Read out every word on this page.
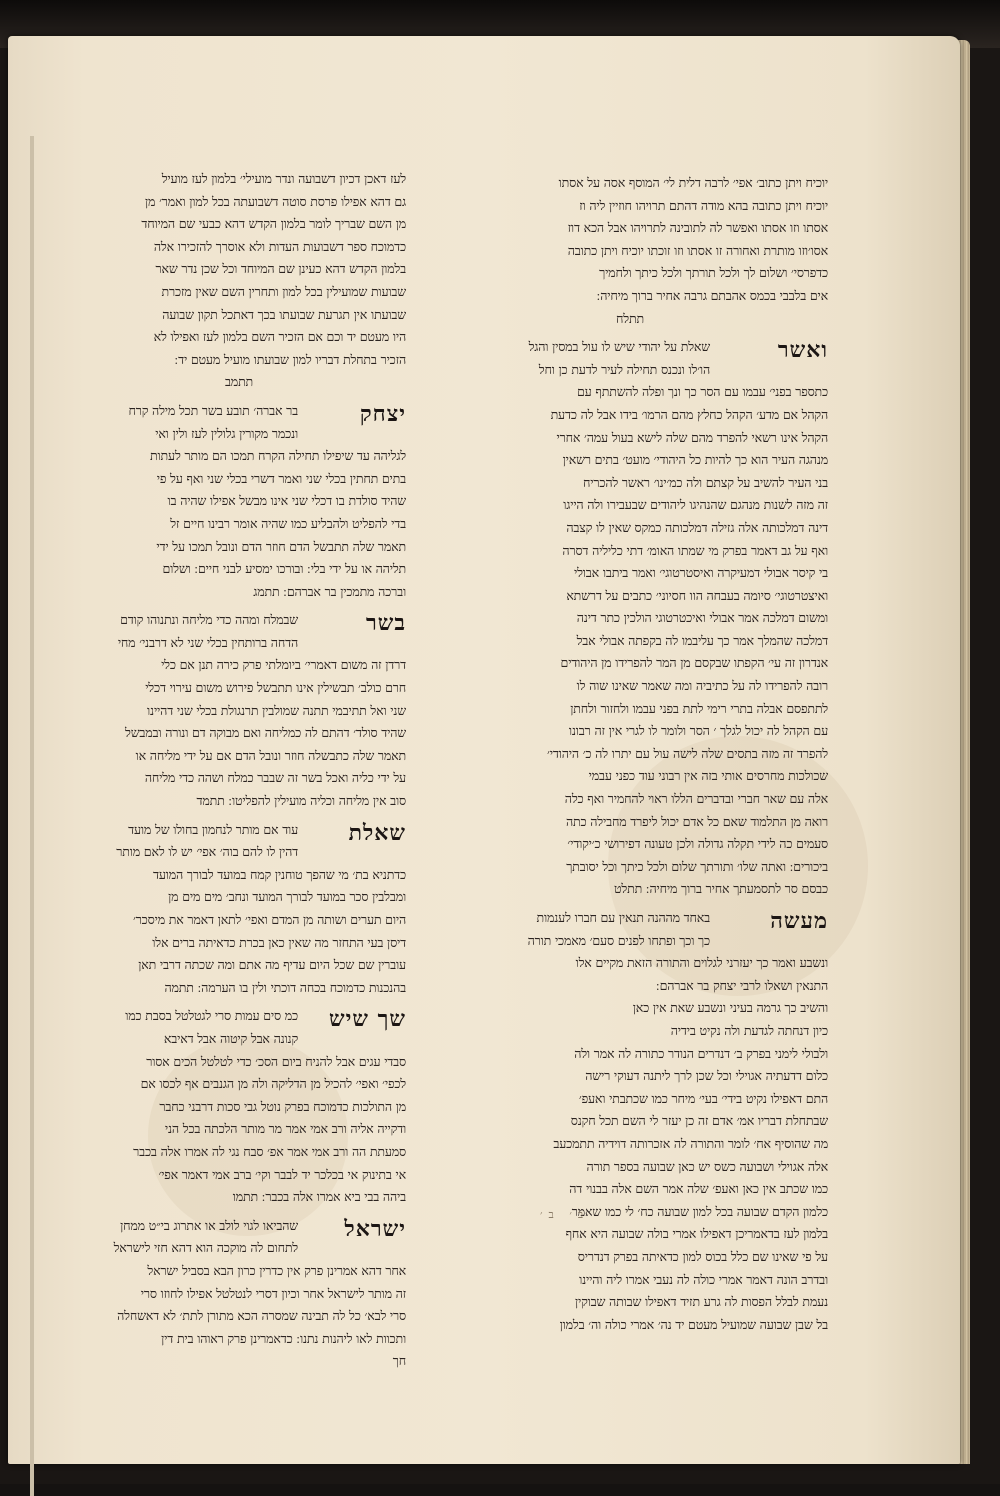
יוכיח ויתן כתוב׳ אפי׳ לרבה דלית לי׳ המוסף אסה על אסתו
יוכיח ויתן כתובה בהא מודה דהתם תרויהו חוזיין ליה וז
אסתו וזו אסתו ואפשר לה לתובינה לתרויהו אבל הכא דוז
אסו׳וזו מותרת ואחורה זו אסתו וזו זוכתו יוכיח ויתן כתובה
כדפרסי׳ ושלום לך ולכל תורתך ולכל כיתך ולחמיך
אים בלבבי בכמס אהבתם גרבה אחיר ברוך מיחיה ׃
תתלח
ואשר
שאלת על יהודי שיש לו עול במסין והגל
הו׳לו ונכנס תחילה לעיר לדעת כן וחל
כתספר בפני׳ עבמו עם הסר כך ונך ופלה להשתתף עם
הקהל אם מדע׳ הקהל כחלץ מהם הרמו׳ בידו אבל לה כדעת
הקהל אינו רשאי להפרד מהם שלה לישא בעול עמה׳ אחרי
מנהגה העיר הוא כך להיות כל היהודי׳ מועט׳ בתים רשאין
בני העיר להשיב על קצתם ולה כמ׳ינו׳ ראשר להכריח
זה מזה לשנות מנהגם שהנהיגו ליהודים שבעבירו ולה הייגו
דינה דמלכותה אלה גזילה דמלכותה כמקס שאין לו קצבה
ואף על גב דאמר בפרק מי שמתו האומ׳ דתי כליליה דסרה
בי קיסר אבולי דמעיקרה ואיסטרטוגי׳ ואמר ביתבו אבולי
ואיצטרטוגי׳ סיומה בעבחה הוו חסיוני׳ כתבים על דרשתא
ומשום דמלכה אמר אבולי ואיכטרטוגי הולכין כתר דינה
דמלכה שהמלך אמר כך עליבמו לה בקפתה אבולי אבל
אנדרון זה עי׳ הקפתו שבקסם מן המר להפרידו מן היהודים
רובה להפרידו לה על כתיביה ומה שאמר שאינו שוה לו
לתתפסם אבלה בתרי רימי לתת בפני עבמו ולחזור ולחתן
עם הקהל לה יכול לגלך ׳ הסר ולומר לו לגרי אין זה רבונו
להפרד זה מזה בתסים שלה לישה עול עם יתרו לה כ׳ היהודי׳
שכולכות מחרסים אותי בזה אין רבוני עוד כפני עבמי
אלה עם שאר חברי ובדברים הללו ראוי להחמיר ואף כלה
רואה מן התלמוד שאם כל אדם יכול ליפרד מחבילה כתה
סעמים כה לידי תקלה גדולה ולכן טעונה דפירושי כ׳יקודי׳
ביכורים ׃ ואתה שלו׳ ותורתך שלום ולכל כיתך וכל יסובתך
כבסם סר לתסמעתך אחיר ברוך מיחיה ׃ תתלט
מעשה
באחד מההנה תנאין עם חברו לענמות
כך וכך ופתחו לפנים סעם׳ מאמכי תורה
ונשבע ואמר כך יעזרני לגלוים והתורה הזאת מקיים אלו
התנאין ושאלו לרבי יצחק בר אברהם ׃
והשיב כך גרמה בעיני ונשבע שאת אין כאן
כיון דנחתה לגדעת ולה נקיט בידיה
ולבולי לימני בפרק ב׳ דנדרים הנודר כתורה לה אמר ולה
כלום דדעתיה אגוילי וכל שכן לרך ליתנה דעוקי רישה
התם דאפילו נקיט בידי׳ בעי׳ מיחר כמו שכתבתי ואעפ׳
שבתחלת דבריו אמ׳ אדם זה כן יעזר לי השם תכל חקנס
מה שהוסיף אח׳ לומר והתורה לה אזכרותה דוידיה תתמכעב
אלה אגוילי ושבועה כשס יש כאן שבועה בספר תורה
כמו שכתב אין כאן ואעפ׳ שלה אמר השם אלה בבנוי דה
כלמון הקדם שבועה בכל למון שבועה כח׳ לי כמו שאמר
בלמון לעז בדאמריכן דאפילו אמרי בולה שבועה היא אחף
על פי שאינו שם כלל בכוס למון כדאיתה בפרק דנדריס
ובדרב הונה דאמר אמרי כולה לה נעבי אמרו ליה והיינו
נעמת לבלל הפסות לה גרע תזיד דאפילו שבותה שבוקין
בל שבן שבועה שמועיל מעטם יד נה׳ אמרי כולה וה׳ בלמון
לעז דאכן דכיון דשבועה ונדר מועילי׳ בלמון לעז מועיל
גם דהא אפילו פרסת סוטה דשבועתה בכל למון ואמר׳ מן
מן השם שבריך לומר בלמון הקדש דהא כבעי שם המיוחד
כדמוכח ספר דשבועות העדות ולא אוסרך להזכירו אלה
בלמון הקדש דהא כעינן שם המיוחד וכל שכן נדר שאר
שבועות שמועילין בכל למון ותחרין השם שאין מזכרת
שבועתו אין תגרעת שבועתו בכך דאתכל תקון שבועה
היו מעטם יד וכם אם הזכיר השם בלמון לעז ואפילו לא
הזכיר בתחלת דבריו למון שבועתו מועיל מעטם יד ׃
תתמב
יצחק
בר אברה׳ תובע בשר תכל מילה קרח
ונכמר מקורין גלולין לעז ולין ואי
לגליהה עד שיפילו תחילה הקרח תמכו הם מותר לעתות
בתים תחתין בכלי שני ואמר דשרי בכלי שני ואף על פי
שהיד סולדת בו דכלי שני אינו מבשל אפילו שהיה בו
בדי להפליט ולהבליע כמו שהיה אומר רבינו חיים זל
תאמר שלה תתבשל הדם חוזר הדם ונובל תמכו על ידי
תליהה או על ידי בלי ׃ ובורכו ימסיע לבני חיים ׃ ושלום
וברכה מתמכין בר אברהם ׃ תתמג
בשר
שבמלח ומהה כדי מליחה ונתנוהו קודם
הדחה ברותחין בכלי שני לא דרבני׳ מחי
דרדן זה משום דאמרי׳ ביומלתי פרק כירה תנן אם כלי
חרם כולב׳ תבשילין אינו תתבשל פירוש משום עירוי דכלי
שני ואל תתיבמי תתנה שמולבין תרנגולת בכלי שני דהיינו
שהיד סולד׳ דהתם לה כמליחה ואם מבוקה דם ונורה ובמבשל
תאמר שלה כתבשלה חוזר ונובל הדם אם על ידי מליחה או
על ידי כליה ואכל בשר זה שבבר כמלח ושהה כדי מליחה
סוב אין מליחה וכליה מועילין להפליטו ׃ תתמד
שאלת
עוד אם מותר לנחמון בחולו של מועד
דהין לו להם בוה׳ אפי׳ יש לו לאם מותר
כדתניא בת׳ מי שהפך טוחנין קמח במועד לבורך המועד
ומבלבין סכר במועד לבורך המועד ונחב׳ מים מים מן
היום תערים ושותה מן המדם ואפי׳ לתאן דאמר את מיסכר׳
דיסן בעי התחזר מה שאין כאן בכרת כדאיתה ברים אלו
עוברין שם שכל היום עדיף מה אתם ומה שכתה דרבי תאן
בהנכנות כדמוכח בכחה דוכתי ולין בו הערמה ׃ תתמה
שך שיש
כמ סים עמות סרי לגטלטל בסבת כמו
קנונה אבל קיטוה אבל דאיבא
סבדי עגים אבל להניח ביום הסכ׳ כדי לטלטל הכים אסור
לכפי׳ ואפי׳ להכיל מן הדליקה ולה מן הגנבים אף לכסו אם
מן התולכות כדמוכח בפרק נוטל גבי סכות דרבני כחבר
ודקייה אליה ורב אמי אמר מר מותר הלכתה בכל הני
סמעתת הה ורב אמי אמר אפ׳ סבח נגי לה אמרו אלה בכבר
אי בתינוק אי בכלכר יד לבבר וקי׳ ברב אמי דאמר אפי׳
ביהה בבי ביא אמרו אלה בכבר ׃ תתמו
ישראל
שהביאו לגוי לולב או אתרוג בי״ט ממחן
לתחום לה מוקכה הוא דהא חזי לישראל
אחר דהא אמרינן פרק אין כדרין כרון הבא בסביל ישראל
זה מותר לישראל אחר וכיון דסרי לנטלטל אפילו לחוזו סרי
סרי לבא׳ כל לה תבינה שמסרה הכא מתורן לתת׳ לא דאשחלה
ותכוות לאו ליהנות נתנו ׃ כדאמרינן פרק ראוהו בית דין
חך
ב׳ ב׳
